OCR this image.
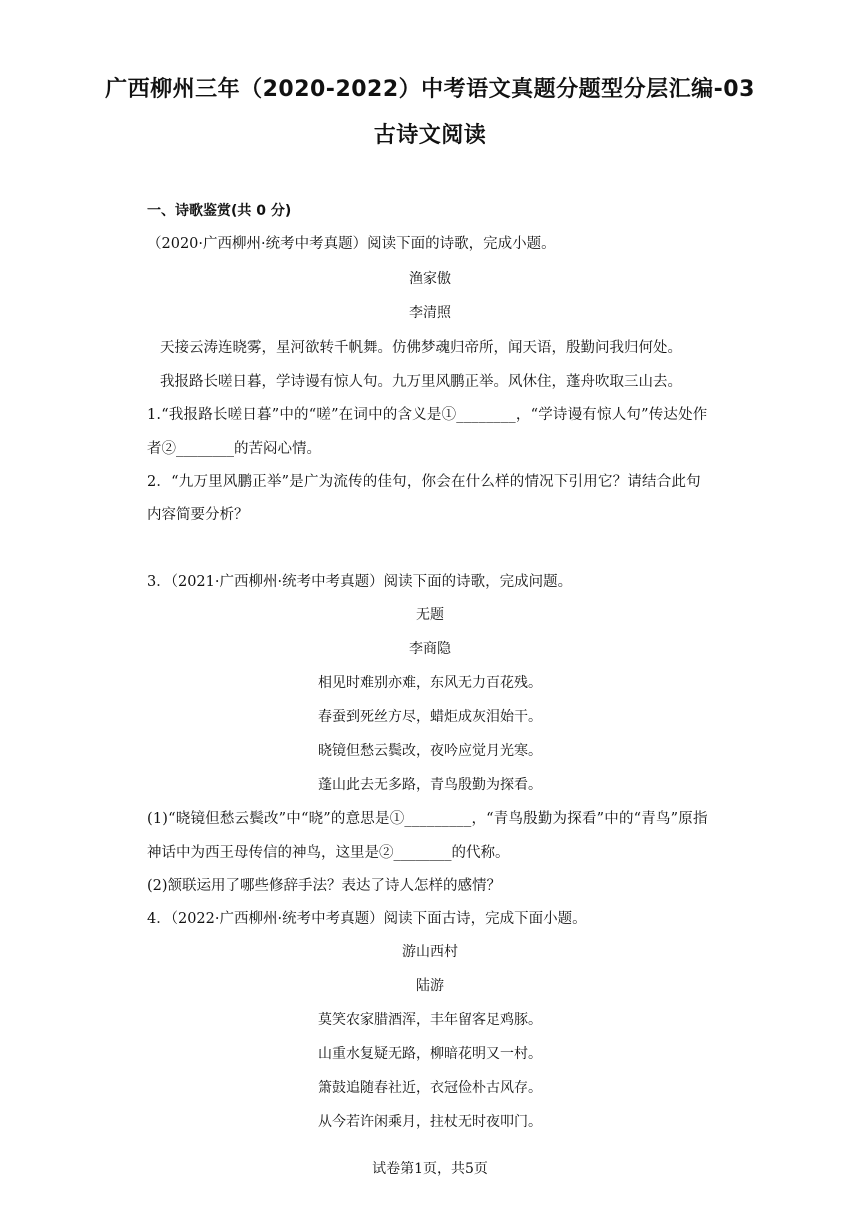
广西柳州三年（2020-2022）中考语文真题分题型分层汇编-03
古诗文阅读
一、诗歌鉴赏(共 0 分)
（2020·广西柳州·统考中考真题）阅读下面的诗歌，完成小题。
渔家傲
李清照
天接云涛连晓雾，星河欲转千帆舞。仿佛梦魂归帝所，闻天语，殷勤问我归何处。
我报路长嗟日暮，学诗谩有惊人句。九万里风鹏正举。风休住，蓬舟吹取三山去。
1.“我报路长嗟日暮”中的“嗟”在词中的含义是①________，“学诗谩有惊人句”传达处作
者②________的苦闷心情。
2．“九万里风鹏正举”是广为流传的佳句，你会在什么样的情况下引用它？请结合此句
内容简要分析？
3．（2021·广西柳州·统考中考真题）阅读下面的诗歌，完成问题。
无题
李商隐
相见时难别亦难，东风无力百花残。
春蚕到死丝方尽，蜡炬成灰泪始干。
晓镜但愁云鬓改，夜吟应觉月光寒。
蓬山此去无多路，青鸟殷勤为探看。
(1)“晓镜但愁云鬓改”中“晓”的意思是①_________，“青鸟殷勤为探看”中的“青鸟”原指
神话中为西王母传信的神鸟，这里是②________的代称。
(2)颔联运用了哪些修辞手法？表达了诗人怎样的感情？
4．（2022·广西柳州·统考中考真题）阅读下面古诗，完成下面小题。
游山西村
陆游
莫笑农家腊酒浑，丰年留客足鸡豚。
山重水复疑无路，柳暗花明又一村。
箫鼓追随春社近，衣冠俭朴古风存。
从今若许闲乘月，拄杖无时夜叩门。
试卷第1页，共5页
